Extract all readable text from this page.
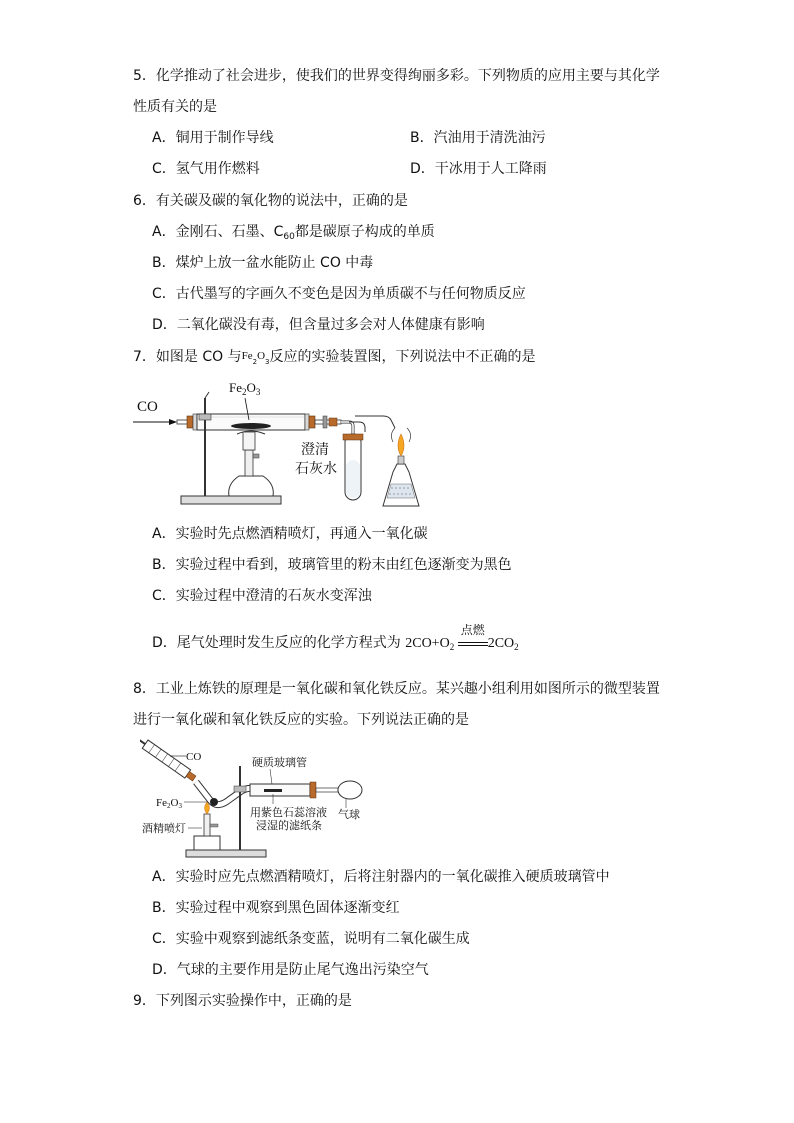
5．化学推动了社会进步，使我们的世界变得绚丽多彩。下列物质的应用主要与其化学
性质有关的是
A．铜用于制作导线	B．汽油用于清洗油污
C．氢气用作燃料	D．干冰用于人工降雨
6．有关碳及碳的氧化物的说法中，正确的是
A．金刚石、石墨、$C_{60}$都是碳原子构成的单质
B．煤炉上放一盆水能防止 CO 中毒
C．古代墨写的字画久不变色是因为单质碳不与任何物质反应
D．二氧化碳没有毒，但含量过多会对人体健康有影响
7．如图是 CO 与$Fe_2O_3$反应的实验装置图，下列说法中不正确的是
CO
$Fe_2O_3$
澄清
石灰水
A．实验时先点燃酒精喷灯，再通入一氧化碳
B．实验过程中看到，玻璃管里的粉末由红色逐渐变为黑色
C．实验过程中澄清的石灰水变浑浊
D．尾气处理时发生反应的化学方程式为 $2CO+O_2$
点燃
$2CO_2$
8．工业上炼铁的原理是一氧化碳和氧化铁反应。某兴趣小组利用如图所示的微型装置
进行一氧化碳和氧化铁反应的实验。下列说法正确的是
CO
气球
硬质玻璃管
用紫色石蕊溶液
浸湿的滤纸条
Fe2O3
酒精喷灯
A．实验时应先点燃酒精喷灯，后将注射器内的一氧化碳推入硬质玻璃管中
B．实验过程中观察到黑色固体逐渐变红
C．实验中观察到滤纸条变蓝，说明有二氧化碳生成
D．气球的主要作用是防止尾气逸出污染空气
9．下列图示实验操作中，正确的是
